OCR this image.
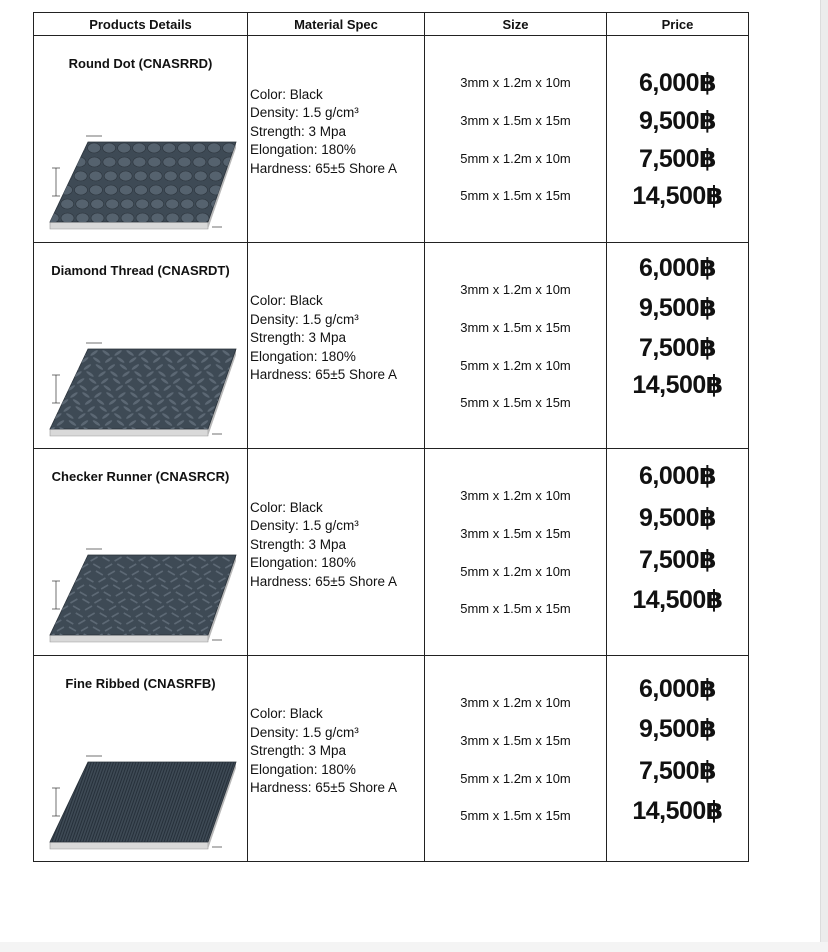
Products Details	Material Spec	Size	Price

Round Dot (CNASRRD)	Color: Black
Density: 1.5 g/cm³
Strength: 3 Mpa
Elongation: 180%
Hardness: 65±5 Shore A	3mm x 1.2m x 10m
3mm x 1.5m x 15m
5mm x 1.2m x 10m
5mm x 1.5m x 15m	6,000฿
9,500฿
7,500฿
14,500฿

Diamond Thread (CNASRDT)	Color: Black
Density: 1.5 g/cm³
Strength: 3 Mpa
Elongation: 180%
Hardness: 65±5 Shore A	3mm x 1.2m x 10m
3mm x 1.5m x 15m
5mm x 1.2m x 10m
5mm x 1.5m x 15m	6,000฿
9,500฿
7,500฿
14,500฿

Checker Runner (CNASRCR)	Color: Black
Density: 1.5 g/cm³
Strength: 3 Mpa
Elongation: 180%
Hardness: 65±5 Shore A	3mm x 1.2m x 10m
3mm x 1.5m x 15m
5mm x 1.2m x 10m
5mm x 1.5m x 15m	6,000฿
9,500฿
7,500฿
14,500฿

Fine Ribbed (CNASRFB)	Color: Black
Density: 1.5 g/cm³
Strength: 3 Mpa
Elongation: 180%
Hardness: 65±5 Shore A	3mm x 1.2m x 10m
3mm x 1.5m x 15m
5mm x 1.2m x 10m
5mm x 1.5m x 15m	6,000฿
9,500฿
7,500฿
14,500฿
